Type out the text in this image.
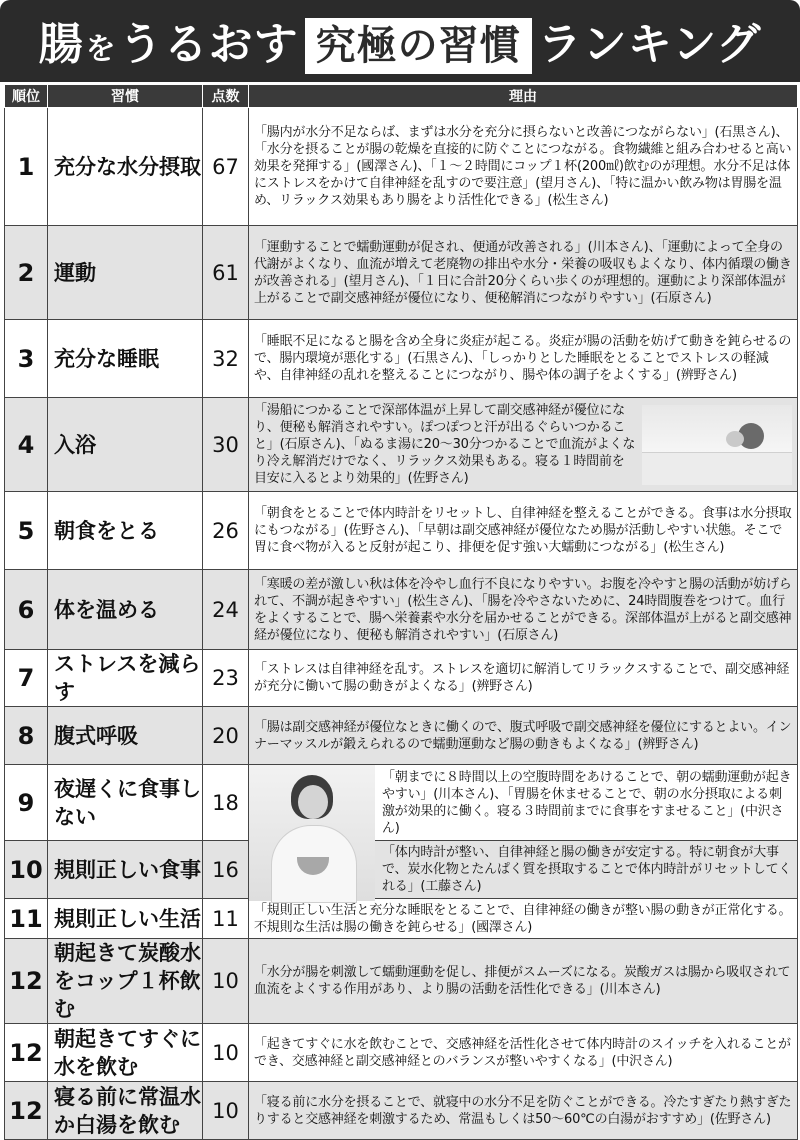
腸 を うるおす 究極の習慣 ランキング
順位	習慣	点数	理由
1	充分な水分摂取	67	「腸内が水分不足ならば、まずは水分を充分に摂らないと改善につながらない」(石黒さん)、「水分を摂ることが腸の乾燥を直接的に防ぐことにつながる。食物繊維と組み合わせると高い効果を発揮する」(國澤さん)、「１～２時間にコップ１杯(200㎖)飲むのが理想。水分不足は体にストレスをかけて自律神経を乱すので要注意」(望月さん)、「特に温かい飲み物は胃腸を温め、リラックス効果もあり腸をより活性化できる」(松生さん)
2	運動	61	「運動することで蠕動運動が促され、便通が改善される」(川本さん)、「運動によって全身の代謝がよくなり、血流が増えて老廃物の排出や水分・栄養の吸収もよくなり、体内循環の働きが改善される」(望月さん)、「１日に合計20分くらい歩くのが理想的。運動により深部体温が上がることで副交感神経が優位になり、便秘解消につながりやすい」(石原さん)
3	充分な睡眠	32	「睡眠不足になると腸を含め全身に炎症が起こる。炎症が腸の活動を妨げて動きを鈍らせるので、腸内環境が悪化する」(石黒さん)、「しっかりとした睡眠をとることでストレスの軽減や、自律神経の乱れを整えることにつながり、腸や体の調子をよくする」(辨野さん)
4	入浴	30	「湯船につかることで深部体温が上昇して副交感神経が優位になり、便秘も解消されやすい。ぽつぽつと汗が出るぐらいつかること」(石原さん)、「ぬるま湯に20～30分つかることで血流がよくなり冷え解消だけでなく、リラックス効果もある。寝る１時間前を目安に入るとより効果的」(佐野さん)

5	朝食をとる	26	「朝食をとることで体内時計をリセットし、自律神経を整えることができる。食事は水分摂取にもつながる」(佐野さん)、「早朝は副交感神経が優位なため腸が活動しやすい状態。そこで胃に食べ物が入ると反射が起こり、排便を促す強い大蠕動につながる」(松生さん)
6	体を温める	24	「寒暖の差が激しい秋は体を冷やし血行不良になりやすい。お腹を冷やすと腸の活動が妨げられて、不調が起きやすい」(松生さん)、「腸を冷やさないために、24時間腹巻をつけて。血行をよくすることで、腸へ栄養素や水分を届かせることができる。深部体温が上がると副交感神経が優位になり、便秘も解消されやすい」(石原さん)
7	ストレスを減らす	23	「ストレスは自律神経を乱す。ストレスを適切に解消してリラックスすることで、副交感神経が充分に働いて腸の動きがよくなる」(辨野さん)
8	腹式呼吸	20	「腸は副交感神経が優位なときに働くので、腹式呼吸で副交感神経を優位にするとよい。インナーマッスルが鍛えられるので蠕動運動など腸の動きもよくなる」(辨野さん)
9	夜遅くに食事しない	18	「朝までに８時間以上の空腹時間をあけることで、朝の蠕動運動が起きやすい」(川本さん)、「胃腸を休ませることで、朝の水分摂取による刺激が効果的に働く。寝る３時間前までに食事をすませること」(中沢さん)

10	規則正しい食事	16	「体内時計が整い、自律神経と腸の働きが安定する。特に朝食が大事で、炭水化物とたんぱく質を摂取することで体内時計がリセットしてくれる」(工藤さん)

11	規則正しい生活	11	「規則正しい生活と充分な睡眠をとることで、自律神経の働きが整い腸の動きが正常化する。不規則な生活は腸の働きを鈍らせる」(國澤さん)
12	朝起きて炭酸水をコップ１杯飲む	10	「水分が腸を刺激して蠕動運動を促し、排便がスムーズになる。炭酸ガスは腸から吸収されて血流をよくする作用があり、より腸の活動を活性化できる」(川本さん)
12	朝起きてすぐに水を飲む	10	「起きてすぐに水を飲むことで、交感神経を活性化させて体内時計のスイッチを入れることができ、交感神経と副交感神経とのバランスが整いやすくなる」(中沢さん)
12	寝る前に常温水か白湯を飲む	10	「寝る前に水分を摂ることで、就寝中の水分不足を防ぐことができる。冷たすぎたり熱すぎたりすると交感神経を刺激するため、常温もしくは50～60℃の白湯がおすすめ」(佐野さん)
